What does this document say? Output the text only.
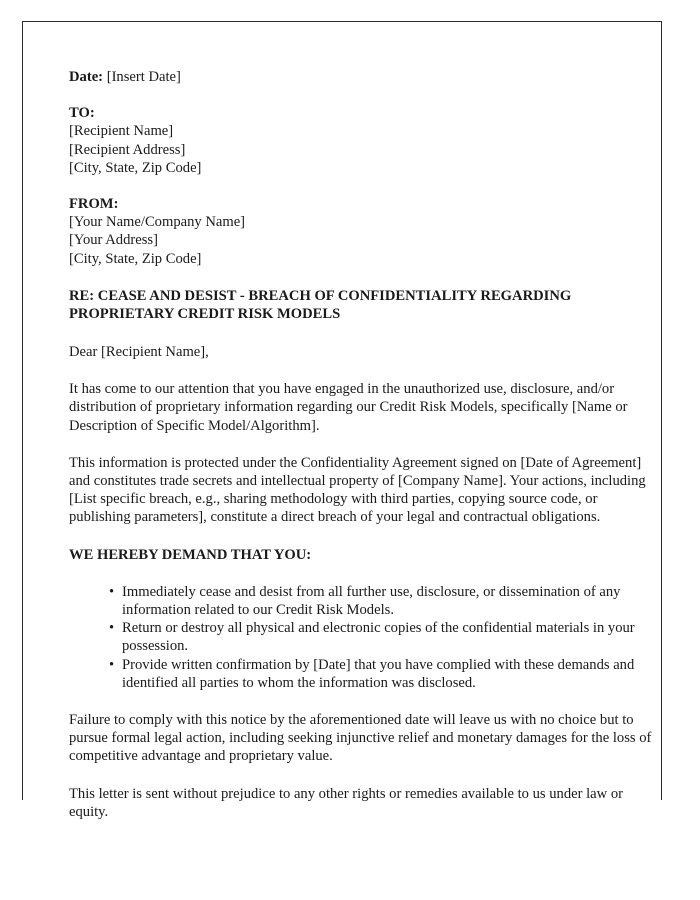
Date: [Insert Date]
TO:
[Recipient Name]
[Recipient Address]
[City, State, Zip Code]
FROM:
[Your Name/Company Name]
[Your Address]
[City, State, Zip Code]
RE: CEASE AND DESIST - BREACH OF CONFIDENTIALITY REGARDING
PROPRIETARY CREDIT RISK MODELS
Dear [Recipient Name],

It has come to our attention that you have engaged in the unauthorized use, disclosure, and/or distribution of proprietary information regarding our Credit Risk Models, specifically [Name or Description of Specific Model/Algorithm].

This information is protected under the Confidentiality Agreement signed on [Date of Agreement] and constitutes trade secrets and intellectual property of [Company Name]. Your actions, including [List specific breach, e.g., sharing methodology with third parties, copying source code, or publishing parameters], constitute a direct breach of your legal and contractual obligations.

WE HEREBY DEMAND THAT YOU:
• Immediately cease and desist from all further use, disclosure, or dissemination of any information related to our Credit Risk Models.
• Return or destroy all physical and electronic copies of the confidential materials in your possession.
• Provide written confirmation by [Date] that you have complied with these demands and identified all parties to whom the information was disclosed.

Failure to comply with this notice by the aforementioned date will leave us with no choice but to pursue formal legal action, including seeking injunctive relief and monetary damages for the loss of competitive advantage and proprietary value.

This letter is sent without prejudice to any other rights or remedies available to us under law or equity.
